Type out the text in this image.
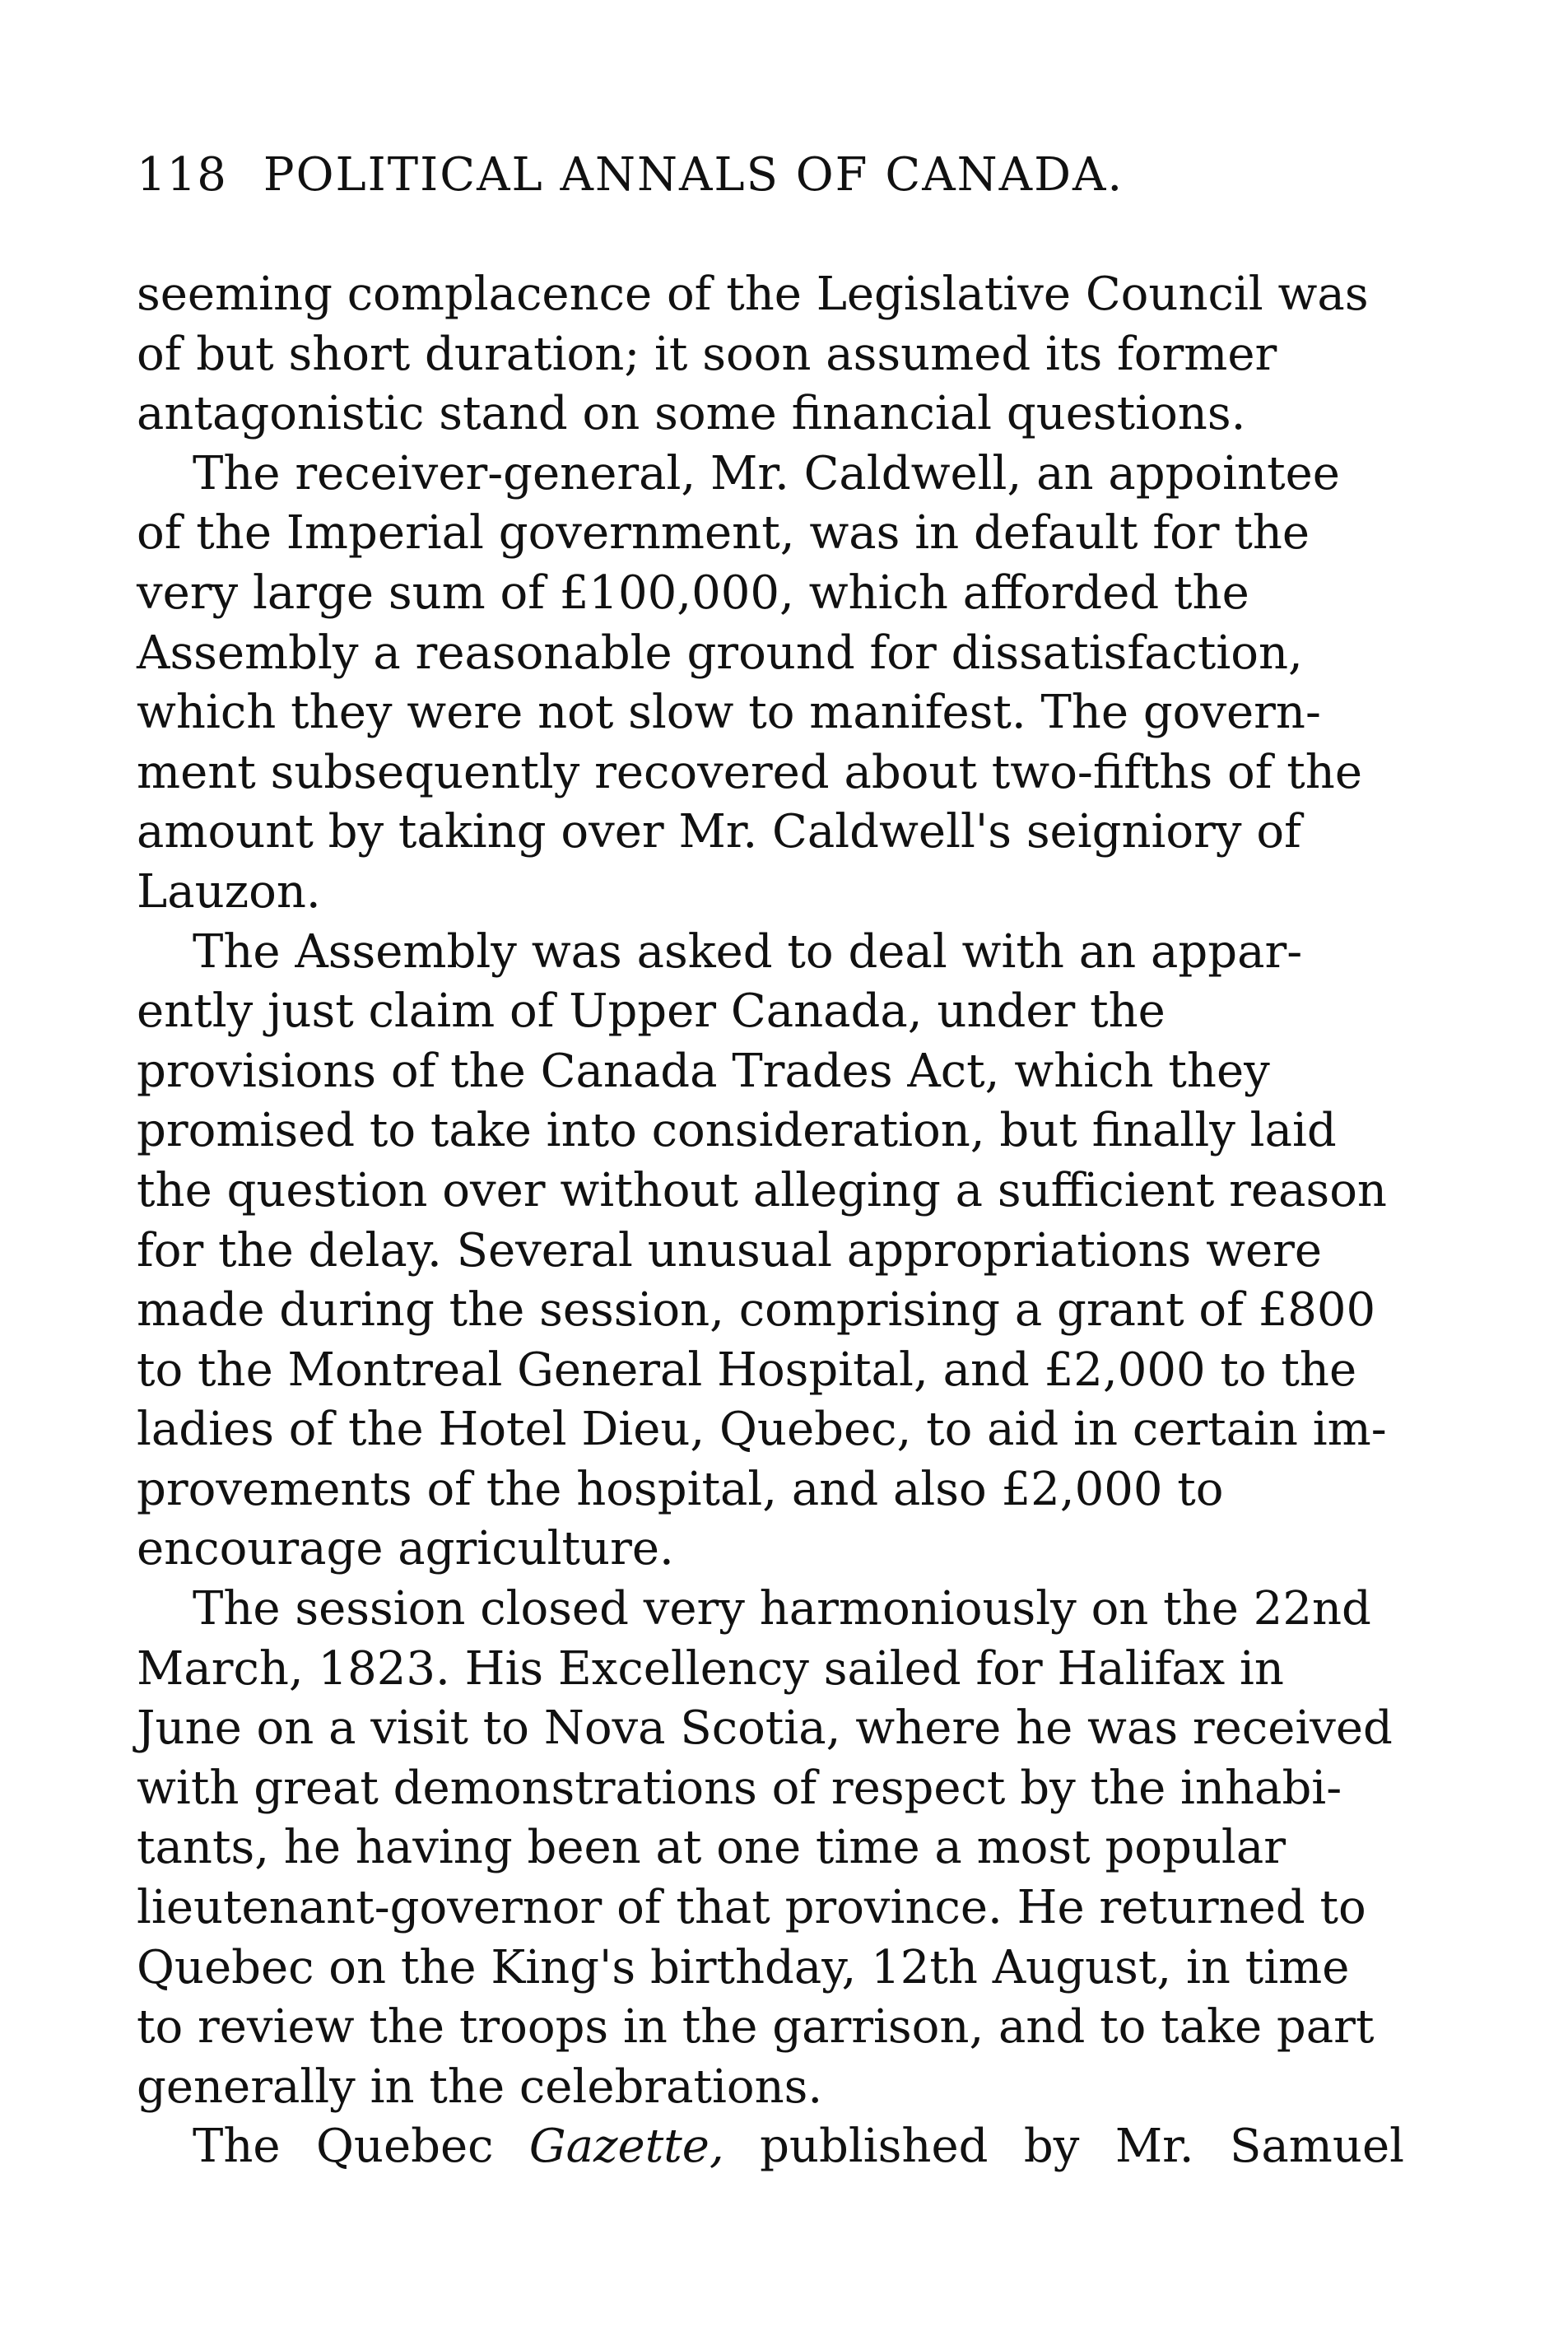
118 POLITICAL ANNALS OF CANADA.

seeming complacence of the Legislative Council was
of but short duration; it soon assumed its former
antagonistic stand on some financial questions.

The receiver-general, Mr. Caldwell, an appointee
of the Imperial government, was in default for the
very large sum of £100,000, which afforded the
Assembly a reasonable ground for dissatisfaction,
which they were not slow to manifest. The govern-
ment subsequently recovered about two-fifths of the
amount by taking over Mr. Caldwell's seigniory of
Lauzon.

The Assembly was asked to deal with an appar-
ently just claim of Upper Canada, under the
provisions of the Canada Trades Act, which they
promised to take into consideration, but finally laid
the question over without alleging a sufficient reason
for the delay. Several unusual appropriations were
made during the session, comprising a grant of £800
to the Montreal General Hospital, and £2,000 to the
ladies of the Hotel Dieu, Quebec, to aid in certain im-
provements of the hospital, and also £2,000 to
encourage agriculture.

The session closed very harmoniously on the 22nd
March, 1823. His Excellency sailed for Halifax in
June on a visit to Nova Scotia, where he was received
with great demonstrations of respect by the inhabi-
tants, he having been at one time a most popular
lieutenant-governor of that province. He returned to
Quebec on the King's birthday, 12th August, in time
to review the troops in the garrison, and to take part
generally in the celebrations.

The Quebec Gazette, published by Mr. Samuel
